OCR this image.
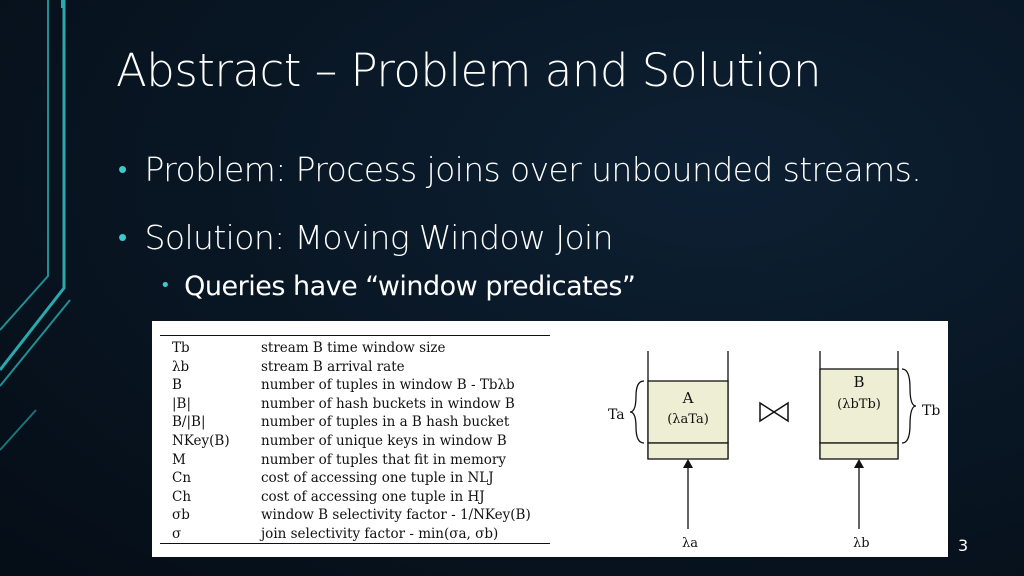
Abstract – Problem and Solution
• Problem: Process joins over unbounded streams.
• Solution: Moving Window Join
• Queries have “window predicates”
Tb	stream B time window size
λb	stream B arrival rate
B	number of tuples in window B - Tbλb
|B|	number of hash buckets in window B
B/|B|	number of tuples in a B hash bucket
NKey(B) number of unique keys in window B
M	number of tuples that fit in memory
Cn	cost of accessing one tuple in NLJ
Ch	cost of accessing one tuple in HJ
σb	window B selectivity factor - 1/NKey(B)
σ	join selectivity factor - min(σa, σb)
A
(λaTa)
Ta
λa
B
(λbTb)	Tb
λb	3
